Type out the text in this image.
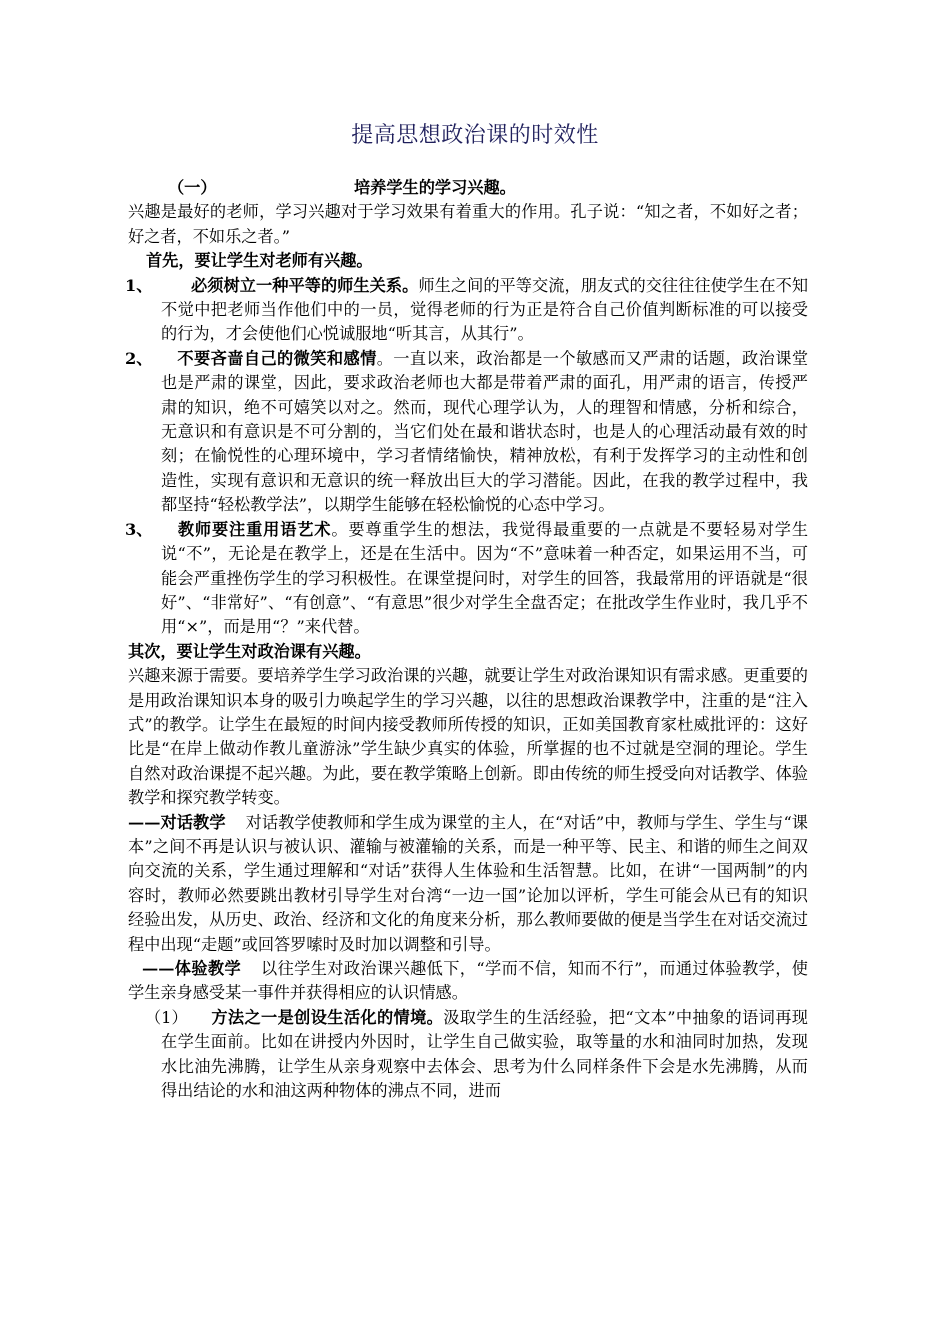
提高思想政治课的时效性

（一）	培养学生的学习兴趣。

兴趣是最好的老师，学习兴趣对于学习效果有着重大的作用。孔子说：“知之者，不如好之者；好之者，不如乐之者。”

首先，要让学生对老师有兴趣。

1、 必须树立一种平等的师生关系。师生之间的平等交流，朋友式的交往往往使学生在不知不觉中把老师当作他们中的一员，觉得老师的行为正是符合自己价值判断标准的可以接受的行为，才会使他们心悦诚服地“听其言，从其行”。

2、 不要吝啬自己的微笑和感情。一直以来，政治都是一个敏感而又严肃的话题，政治课堂也是严肃的课堂，因此，要求政治老师也大都是带着严肃的面孔，用严肃的语言，传授严肃的知识，绝不可嬉笑以对之。然而，现代心理学认为，人的理智和情感，分析和综合，无意识和有意识是不可分割的，当它们处在最和谐状态时，也是人的心理活动最有效的时刻；在愉悦性的心理环境中，学习者情绪愉快，精神放松，有利于发挥学习的主动性和创造性，实现有意识和无意识的统一释放出巨大的学习潜能。因此，在我的教学过程中，我都坚持“轻松教学法”，以期学生能够在轻松愉悦的心态中学习。

3、 教师要注重用语艺术。要尊重学生的想法，我觉得最重要的一点就是不要轻易对学生说“不”，无论是在教学上，还是在生活中。因为“不”意味着一种否定，如果运用不当，可能会严重挫伤学生的学习积极性。在课堂提问时，对学生的回答，我最常用的评语就是“很好”、“非常好”、“有创意”、“有意思”很少对学生全盘否定；在批改学生作业时，我几乎不用“×”，而是用“？”来代替。

其次，要让学生对政治课有兴趣。

兴趣来源于需要。要培养学生学习政治课的兴趣，就要让学生对政治课知识有需求感。更重要的是用政治课知识本身的吸引力唤起学生的学习兴趣，以往的思想政治课教学中，注重的是“注入式”的教学。让学生在最短的时间内接受教师所传授的知识，正如美国教育家杜威批评的：这好比是“在岸上做动作教儿童游泳”学生缺少真实的体验，所掌握的也不过就是空洞的理论。学生自然对政治课提不起兴趣。为此，要在教学策略上创新。即由传统的师生授受向对话教学、体验教学和探究教学转变。

——对话教学 对话教学使教师和学生成为课堂的主人，在“对话”中，教师与学生、学生与“课本”之间不再是认识与被认识、灌输与被灌输的关系，而是一种平等、民主、和谐的师生之间双向交流的关系，学生通过理解和“对话”获得人生体验和生活智慧。比如，在讲“一国两制”的内容时，教师必然要跳出教材引导学生对台湾“一边一国”论加以评析，学生可能会从已有的知识经验出发，从历史、政治、经济和文化的角度来分析，那么教师要做的便是当学生在对话交流过程中出现“走题”或回答罗嗦时及时加以调整和引导。

——体验教学 以往学生对政治课兴趣低下，“学而不信，知而不行”，而通过体验教学，使学生亲身感受某一事件并获得相应的认识情感。

（1） 方法之一是创设生活化的情境。汲取学生的生活经验，把“文本”中抽象的语词再现在学生面前。比如在讲授内外因时，让学生自己做实验，取等量的水和油同时加热，发现水比油先沸腾，让学生从亲身观察中去体会、思考为什么同样条件下会是水先沸腾，从而得出结论的水和油这两种物体的沸点不同，进而
